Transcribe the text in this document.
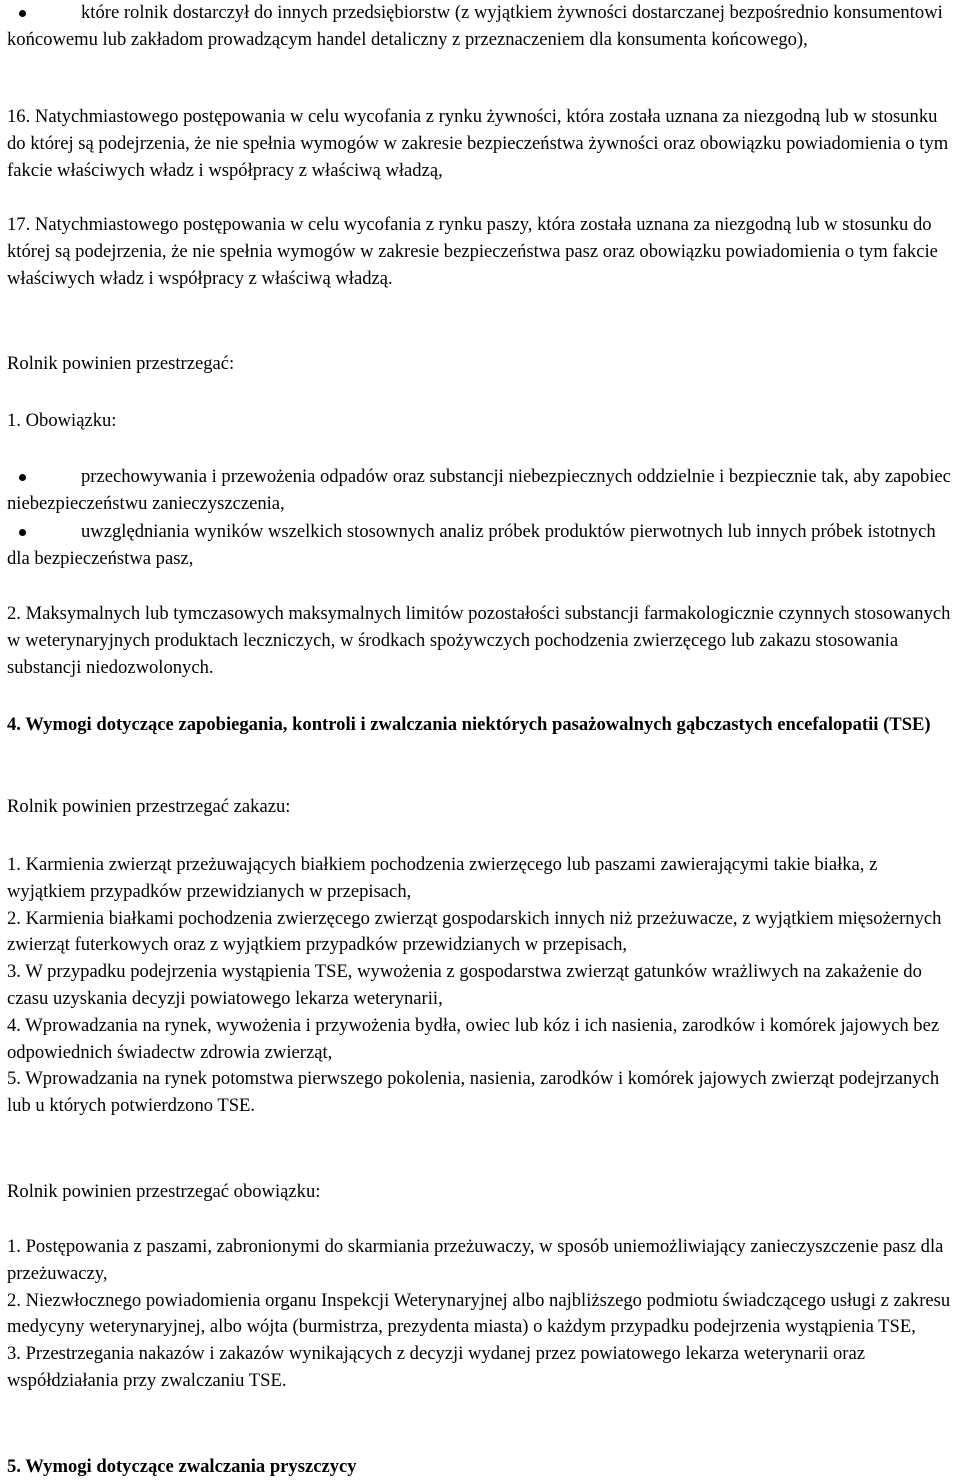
które rolnik dostarczył do innych przedsiębiorstw (z wyjątkiem żywności dostarczanej bezpośrednio konsumentowi końcowemu lub zakładom prowadzącym handel detaliczny z przeznaczeniem dla konsumenta końcowego),

16. Natychmiastowego postępowania w celu wycofania z rynku żywności, która została uznana za niezgodną lub w stosunku do której są podejrzenia, że nie spełnia wymogów w zakresie bezpieczeństwa żywności oraz obowiązku powiadomienia o tym fakcie właściwych władz i współpracy z właściwą władzą,

17. Natychmiastowego postępowania w celu wycofania z rynku paszy, która została uznana za niezgodną lub w stosunku do której są podejrzenia, że nie spełnia wymogów w zakresie bezpieczeństwa pasz oraz obowiązku powiadomienia o tym fakcie właściwych władz i współpracy z właściwą władzą.

Rolnik powinien przestrzegać:

1. Obowiązku:

przechowywania i przewożenia odpadów oraz substancji niebezpiecznych oddzielnie i bezpiecznie tak, aby zapobiec niebezpieczeństwu zanieczyszczenia,
uwzględniania wyników wszelkich stosownych analiz próbek produktów pierwotnych lub innych próbek istotnych dla bezpieczeństwa pasz,

2. Maksymalnych lub tymczasowych maksymalnych limitów pozostałości substancji farmakologicznie czynnych stosowanych w weterynaryjnych produktach leczniczych, w środkach spożywczych pochodzenia zwierzęcego lub zakazu stosowania substancji niedozwolonych.

4. Wymogi dotyczące zapobiegania, kontroli i zwalczania niektórych pasażowalnych gąbczastych encefalopatii (TSE)

Rolnik powinien przestrzegać zakazu:

1. Karmienia zwierząt przeżuwających białkiem pochodzenia zwierzęcego lub paszami zawierającymi takie białka, z wyjątkiem przypadków przewidzianych w przepisach,
2. Karmienia białkami pochodzenia zwierzęcego zwierząt gospodarskich innych niż przeżuwacze, z wyjątkiem mięsożernych zwierząt futerkowych oraz z wyjątkiem przypadków przewidzianych w przepisach,
3. W przypadku podejrzenia wystąpienia TSE, wywożenia z gospodarstwa zwierząt gatunków wrażliwych na zakażenie do czasu uzyskania decyzji powiatowego lekarza weterynarii,
4. Wprowadzania na rynek, wywożenia i przywożenia bydła, owiec lub kóz i ich nasienia, zarodków i komórek jajowych bez odpowiednich świadectw zdrowia zwierząt,
5. Wprowadzania na rynek potomstwa pierwszego pokolenia, nasienia, zarodków i komórek jajowych zwierząt podejrzanych lub u których potwierdzono TSE.

Rolnik powinien przestrzegać obowiązku:

1. Postępowania z paszami, zabronionymi do skarmiania przeżuwaczy, w sposób uniemożliwiający zanieczyszczenie pasz dla przeżuwaczy,
2. Niezwłocznego powiadomienia organu Inspekcji Weterynaryjnej albo najbliższego podmiotu świadczącego usługi z zakresu medycyny weterynaryjnej, albo wójta (burmistrza, prezydenta miasta) o każdym przypadku podejrzenia wystąpienia TSE,
3. Przestrzegania nakazów i zakazów wynikających z decyzji wydanej przez powiatowego lekarza weterynarii oraz współdziałania przy zwalczaniu TSE.

5. Wymogi dotyczące zwalczania pryszczycy
